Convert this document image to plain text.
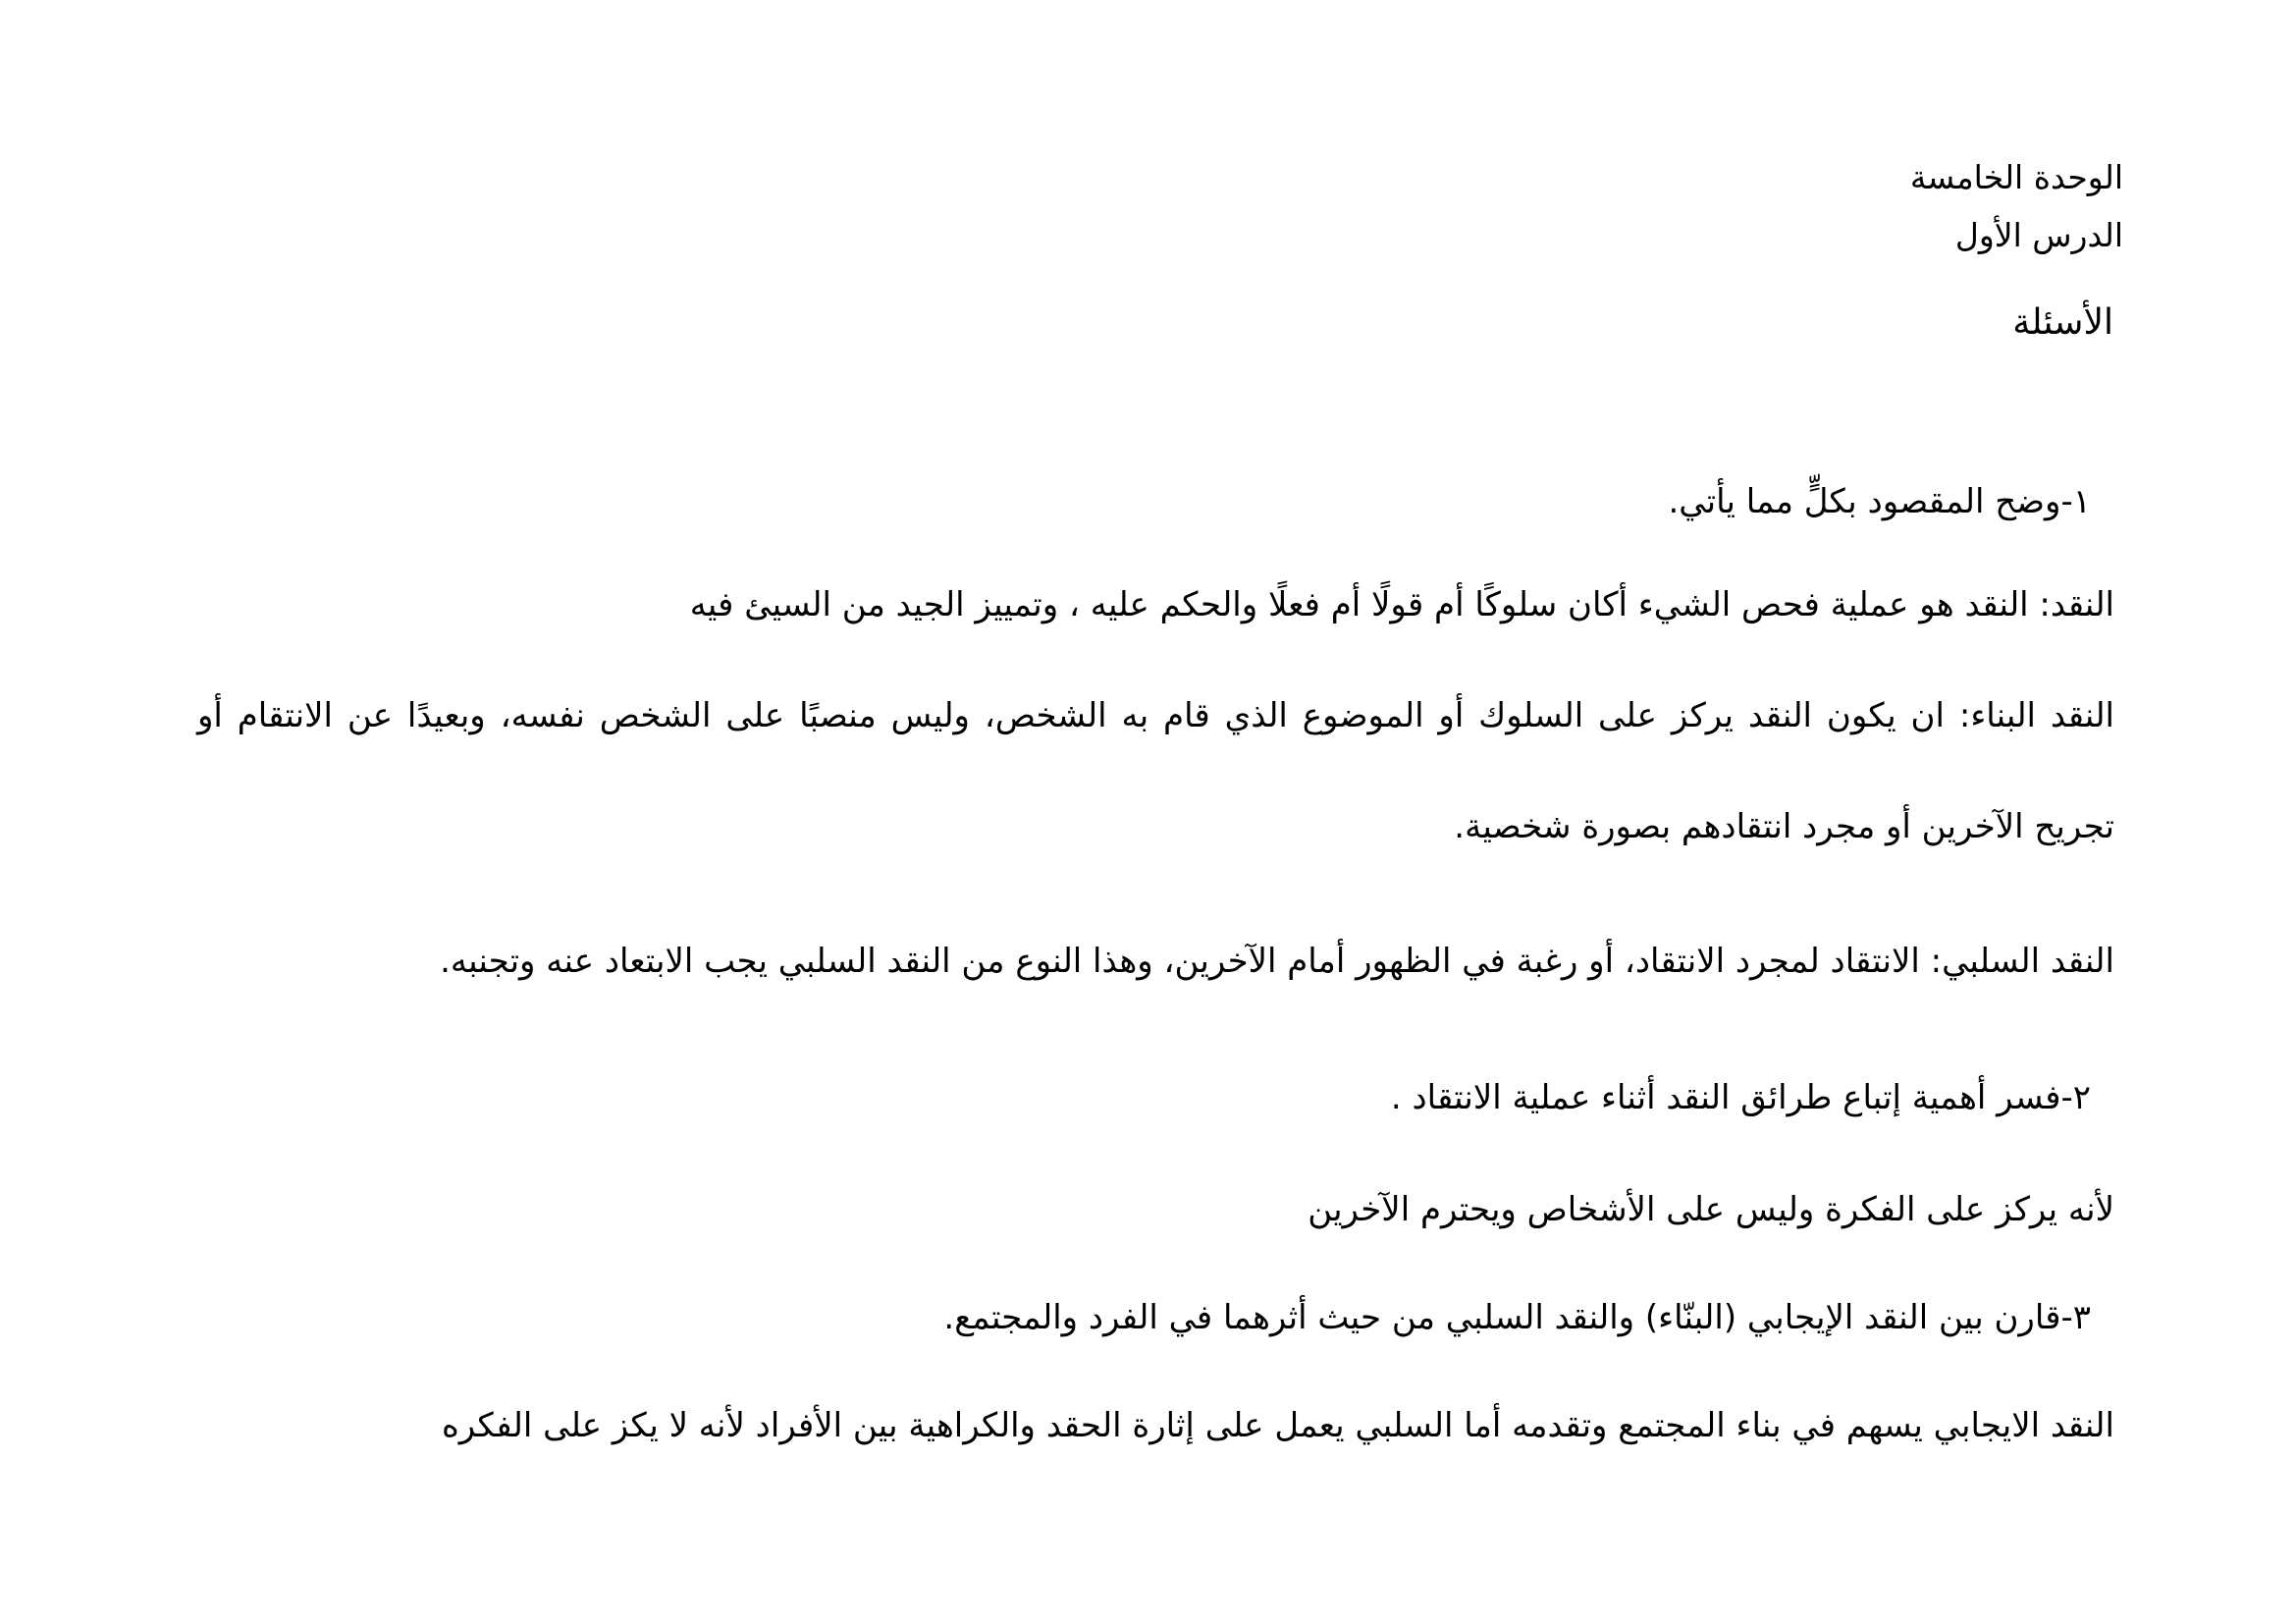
الوحدة الخامسة
الدرس الأول
الأسئلة
١-وضح المقصود بكلٍّ مما يأتي.
النقد: النقد هو عملية فحص الشيء أكان سلوكًا أم قولًا أم فعلًا والحكم عليه ، وتمييز الجيد من السيئ فيه
النقد البناء: ان يكون النقد يركز على السلوك أو الموضوع الذي قام به الشخص، وليس منصبًا على الشخص نفسه، وبعيدًا عن الانتقام أو
تجريح الآخرين أو مجرد انتقادهم بصورة شخصية.
النقد السلبي: الانتقاد لمجرد الانتقاد، أو رغبة في الظهور أمام الآخرين، وهذا النوع من النقد السلبي يجب الابتعاد عنه وتجنبه.
٢-فسر أهمية إتباع طرائق النقد أثناء عملية الانتقاد .
لأنه يركز على الفكرة وليس على الأشخاص ويحترم الآخرين
٣-قارن بين النقد الإيجابي (البنّاء) والنقد السلبي من حيث أثرهما في الفرد والمجتمع.
النقد الايجابي يسهم في بناء المجتمع وتقدمه أما السلبي يعمل على إثارة الحقد والكراهية بين الأفراد لأنه لا يكز على الفكره
